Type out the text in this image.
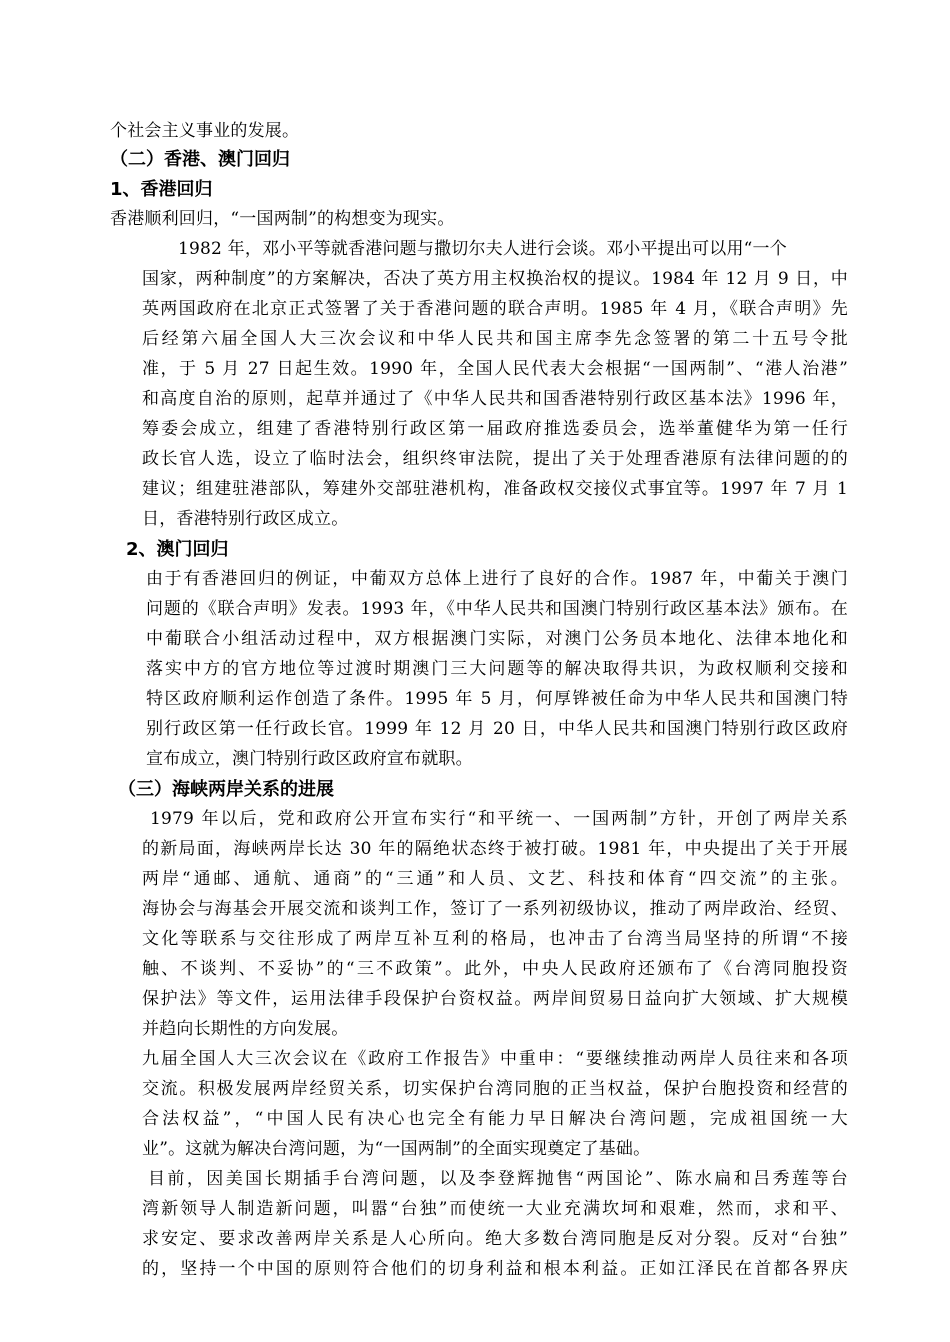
个社会主义事业的发展。
（二）香港、澳门回归
1、香港回归
香港顺利回归，“一国两制”的构想变为现实。
1982 年，邓小平等就香港问题与撒切尔夫人进行会谈。邓小平提出可以用“一个
国家，两种制度”的方案解决，否决了英方用主权换治权的提议。1984 年 12 月 9 日，中
英两国政府在北京正式签署了关于香港问题的联合声明。1985 年 4 月，《联合声明》先
后经第六届全国人大三次会议和中华人民共和国主席李先念签署的第二十五号令批
准，于 5 月 27 日起生效。1990 年，全国人民代表大会根据“一国两制”、“港人治港”
和高度自治的原则，起草并通过了《中华人民共和国香港特别行政区基本法》1996 年，
筹委会成立，组建了香港特别行政区第一届政府推选委员会，选举董健华为第一任行
政长官人选，设立了临时法会，组织终审法院，提出了关于处理香港原有法律问题的的
建议；组建驻港部队，筹建外交部驻港机构，准备政权交接仪式事宜等。1997 年 7 月 1
日，香港特别行政区成立。
2、澳门回归
由于有香港回归的例证，中葡双方总体上进行了良好的合作。1987 年，中葡关于澳门
问题的《联合声明》发表。1993 年，《中华人民共和国澳门特别行政区基本法》颁布。在
中葡联合小组活动过程中，双方根据澳门实际，对澳门公务员本地化、法律本地化和
落实中方的官方地位等过渡时期澳门三大问题等的解决取得共识，为政权顺利交接和
特区政府顺利运作创造了条件。1995 年 5 月，何厚铧被任命为中华人民共和国澳门特
别行政区第一任行政长官。1999 年 12 月 20 日，中华人民共和国澳门特别行政区政府
宣布成立，澳门特别行政区政府宣布就职。
（三）海峡两岸关系的进展
1979 年以后，党和政府公开宣布实行“和平统一、一国两制”方针，开创了两岸关系
的新局面，海峡两岸长达 30 年的隔绝状态终于被打破。1981 年，中央提出了关于开展
两岸“通邮、通航、通商”的“三通”和人员、文艺、科技和体育“四交流”的主张。
海协会与海基会开展交流和谈判工作，签订了一系列初级协议，推动了两岸政治、经贸、
文化等联系与交往形成了两岸互补互利的格局，也冲击了台湾当局坚持的所谓“不接
触、不谈判、不妥协”的“三不政策”。此外，中央人民政府还颁布了《台湾同胞投资
保护法》等文件，运用法律手段保护台资权益。两岸间贸易日益向扩大领域、扩大规模
并趋向长期性的方向发展。
九届全国人大三次会议在《政府工作报告》中重申：“要继续推动两岸人员往来和各项
交流。积极发展两岸经贸关系，切实保护台湾同胞的正当权益，保护台胞投资和经营的
合法权益”，“中国人民有决心也完全有能力早日解决台湾问题，完成祖国统一大
业”。这就为解决台湾问题，为“一国两制”的全面实现奠定了基础。
目前，因美国长期插手台湾问题，以及李登辉抛售“两国论”、陈水扁和吕秀莲等台
湾新领导人制造新问题，叫嚣“台独”而使统一大业充满坎坷和艰难，然而，求和平、
求安定、要求改善两岸关系是人心所向。绝大多数台湾同胞是反对分裂。反对“台独”
的，坚持一个中国的原则符合他们的切身利益和根本利益。正如江泽民在首都各界庆
